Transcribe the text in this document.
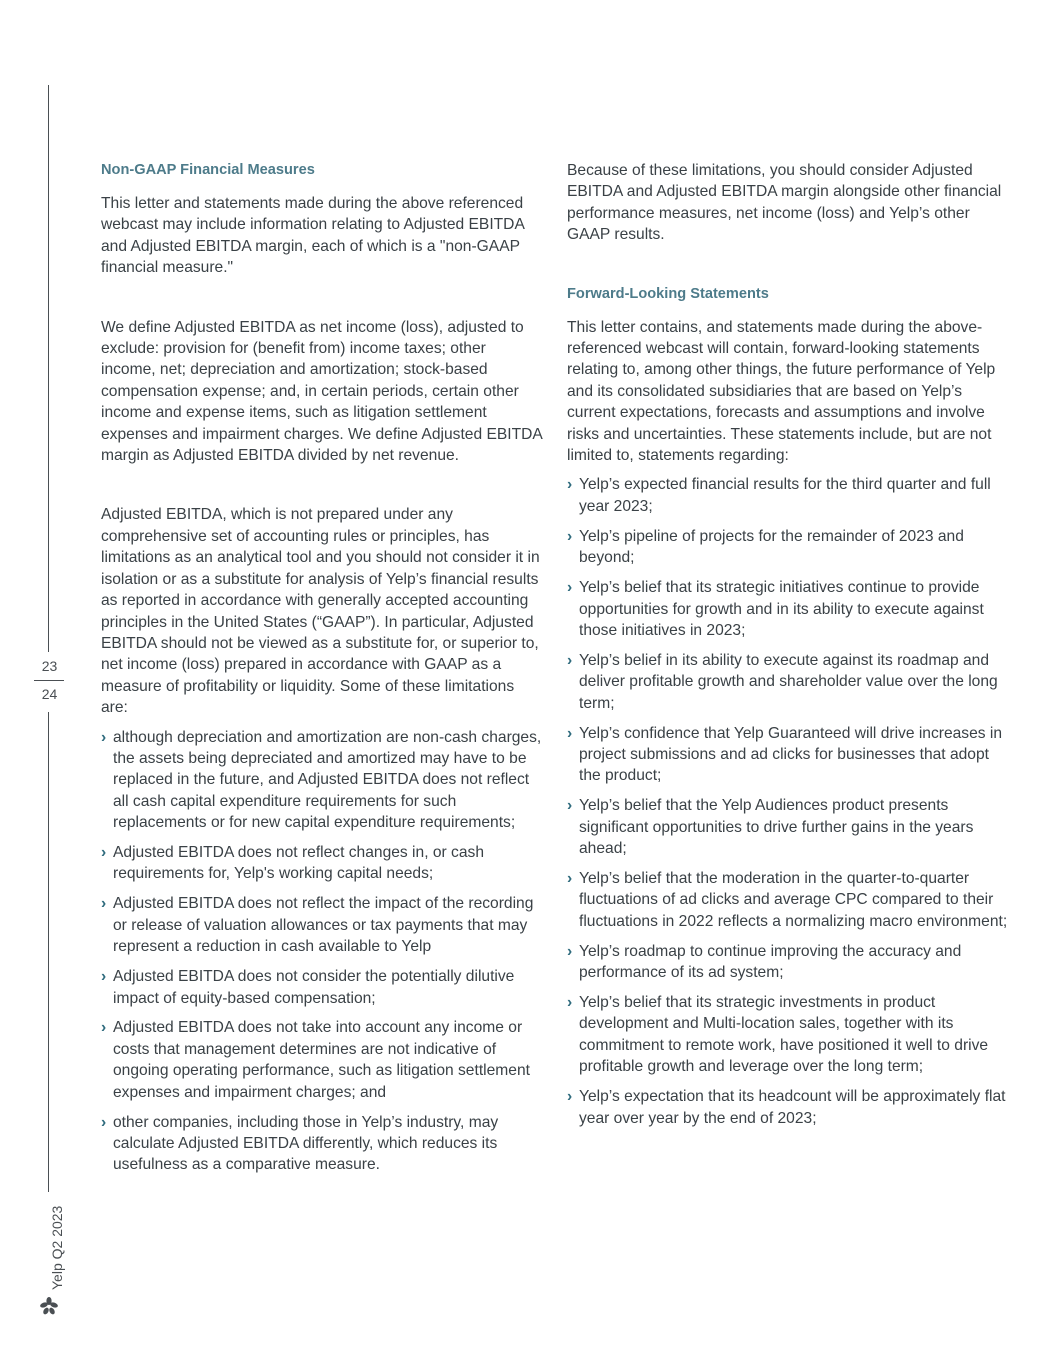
23
24
Yelp Q2 2023
Non-GAAP Financial Measures

This letter and statements made during the above referenced webcast may include information relating to Adjusted EBITDA and Adjusted EBITDA margin, each of which is a "non-GAAP financial measure."

We define Adjusted EBITDA as net income (loss), adjusted to exclude: provision for (benefit from) income taxes; other income, net; depreciation and amortization; stock-based compensation expense; and, in certain periods, certain other income and expense items, such as litigation settlement expenses and impairment charges. We define Adjusted EBITDA margin as Adjusted EBITDA divided by net revenue.

Adjusted EBITDA, which is not prepared under any comprehensive set of accounting rules or principles, has limitations as an analytical tool and you should not consider it in isolation or as a substitute for analysis of Yelp’s financial results as reported in accordance with generally accepted accounting principles in the United States (“GAAP”). In particular, Adjusted EBITDA should not be viewed as a substitute for, or superior to, net income (loss) prepared in accordance with GAAP as a measure of profitability or liquidity. Some of these limitations are:

› although depreciation and amortization are non-cash charges, the assets being depreciated and amortized may have to be replaced in the future, and Adjusted EBITDA does not reflect all cash capital expenditure requirements for such replacements or for new capital expenditure requirements;
› Adjusted EBITDA does not reflect changes in, or cash requirements for, Yelp's working capital needs;
› Adjusted EBITDA does not reflect the impact of the recording or release of valuation allowances or tax payments that may represent a reduction in cash available to Yelp
› Adjusted EBITDA does not consider the potentially dilutive impact of equity-based compensation;
› Adjusted EBITDA does not take into account any income or costs that management determines are not indicative of ongoing operating performance, such as litigation settlement expenses and impairment charges; and
› other companies, including those in Yelp’s industry, may calculate Adjusted EBITDA differently, which reduces its usefulness as a comparative measure.

Because of these limitations, you should consider Adjusted EBITDA and Adjusted EBITDA margin alongside other financial performance measures, net income (loss) and Yelp’s other GAAP results.

Forward-Looking Statements

This letter contains, and statements made during the above-referenced webcast will contain, forward-looking statements relating to, among other things, the future performance of Yelp and its consolidated subsidiaries that are based on Yelp’s current expectations, forecasts and assumptions and involve risks and uncertainties. These statements include, but are not limited to, statements regarding:

› Yelp’s expected financial results for the third quarter and full year 2023;
› Yelp’s pipeline of projects for the remainder of 2023 and beyond;
› Yelp’s belief that its strategic initiatives continue to provide opportunities for growth and in its ability to execute against those initiatives in 2023;
› Yelp’s belief in its ability to execute against its roadmap and deliver profitable growth and shareholder value over the long term;
› Yelp’s confidence that Yelp Guaranteed will drive increases in project submissions and ad clicks for businesses that adopt the product;
› Yelp’s belief that the Yelp Audiences product presents significant opportunities to drive further gains in the years ahead;
› Yelp’s belief that the moderation in the quarter-to-quarter fluctuations of ad clicks and average CPC compared to their fluctuations in 2022 reflects a normalizing macro environment;
› Yelp’s roadmap to continue improving the accuracy and performance of its ad system;
› Yelp’s belief that its strategic investments in product development and Multi-location sales, together with its commitment to remote work, have positioned it well to drive profitable growth and leverage over the long term;
› Yelp’s expectation that its headcount will be approximately flat year over year by the end of 2023;
